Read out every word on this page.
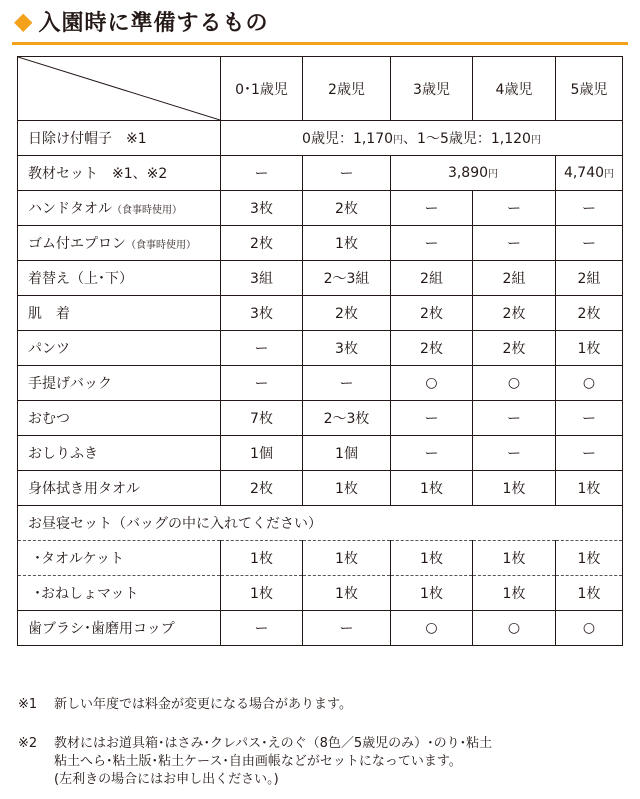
◆ 入園時に準備するもの
	0･1歳児	2歳児	3歳児	4歳児	5歳児
日除け付帽子　※1	0歳児：1,170円、1〜5歳児：1,120円				
教材セット　※1、※2	ー	ー	3,890円		4,740円
ハンドタオル（食事時使用）	3枚	2枚	ー	ー	ー
ゴム付エプロン（食事時使用）	2枚	1枚	ー	ー	ー
着替え（上･下）	3組	2〜3組	2組	2組	2組
肌　着	3枚	2枚	2枚	2枚	2枚
パンツ	ー	3枚	2枚	2枚	1枚
手提げバック	ー	ー	○	○	○
おむつ	7枚	2〜3枚	ー	ー	ー
おしりふき	1個	1個	ー	ー	ー
身体拭き用タオル	2枚	1枚	1枚	1枚	1枚
お昼寝セット（バッグの中に入れてください）					
･タオルケット	1枚	1枚	1枚	1枚	1枚
･おねしょマット	1枚	1枚	1枚	1枚	1枚
歯ブラシ･歯磨用コップ	ー	ー	○	○	○
※1	新しい年度では料金が変更になる場合があります。
※2	教材にはお道具箱･はさみ･クレパス･えのぐ（8色／5歳児のみ）･のり･粘土
粘土へら･粘土版･粘土ケース･自由画帳などがセットになっています。
(左利きの場合にはお申し出ください。)
